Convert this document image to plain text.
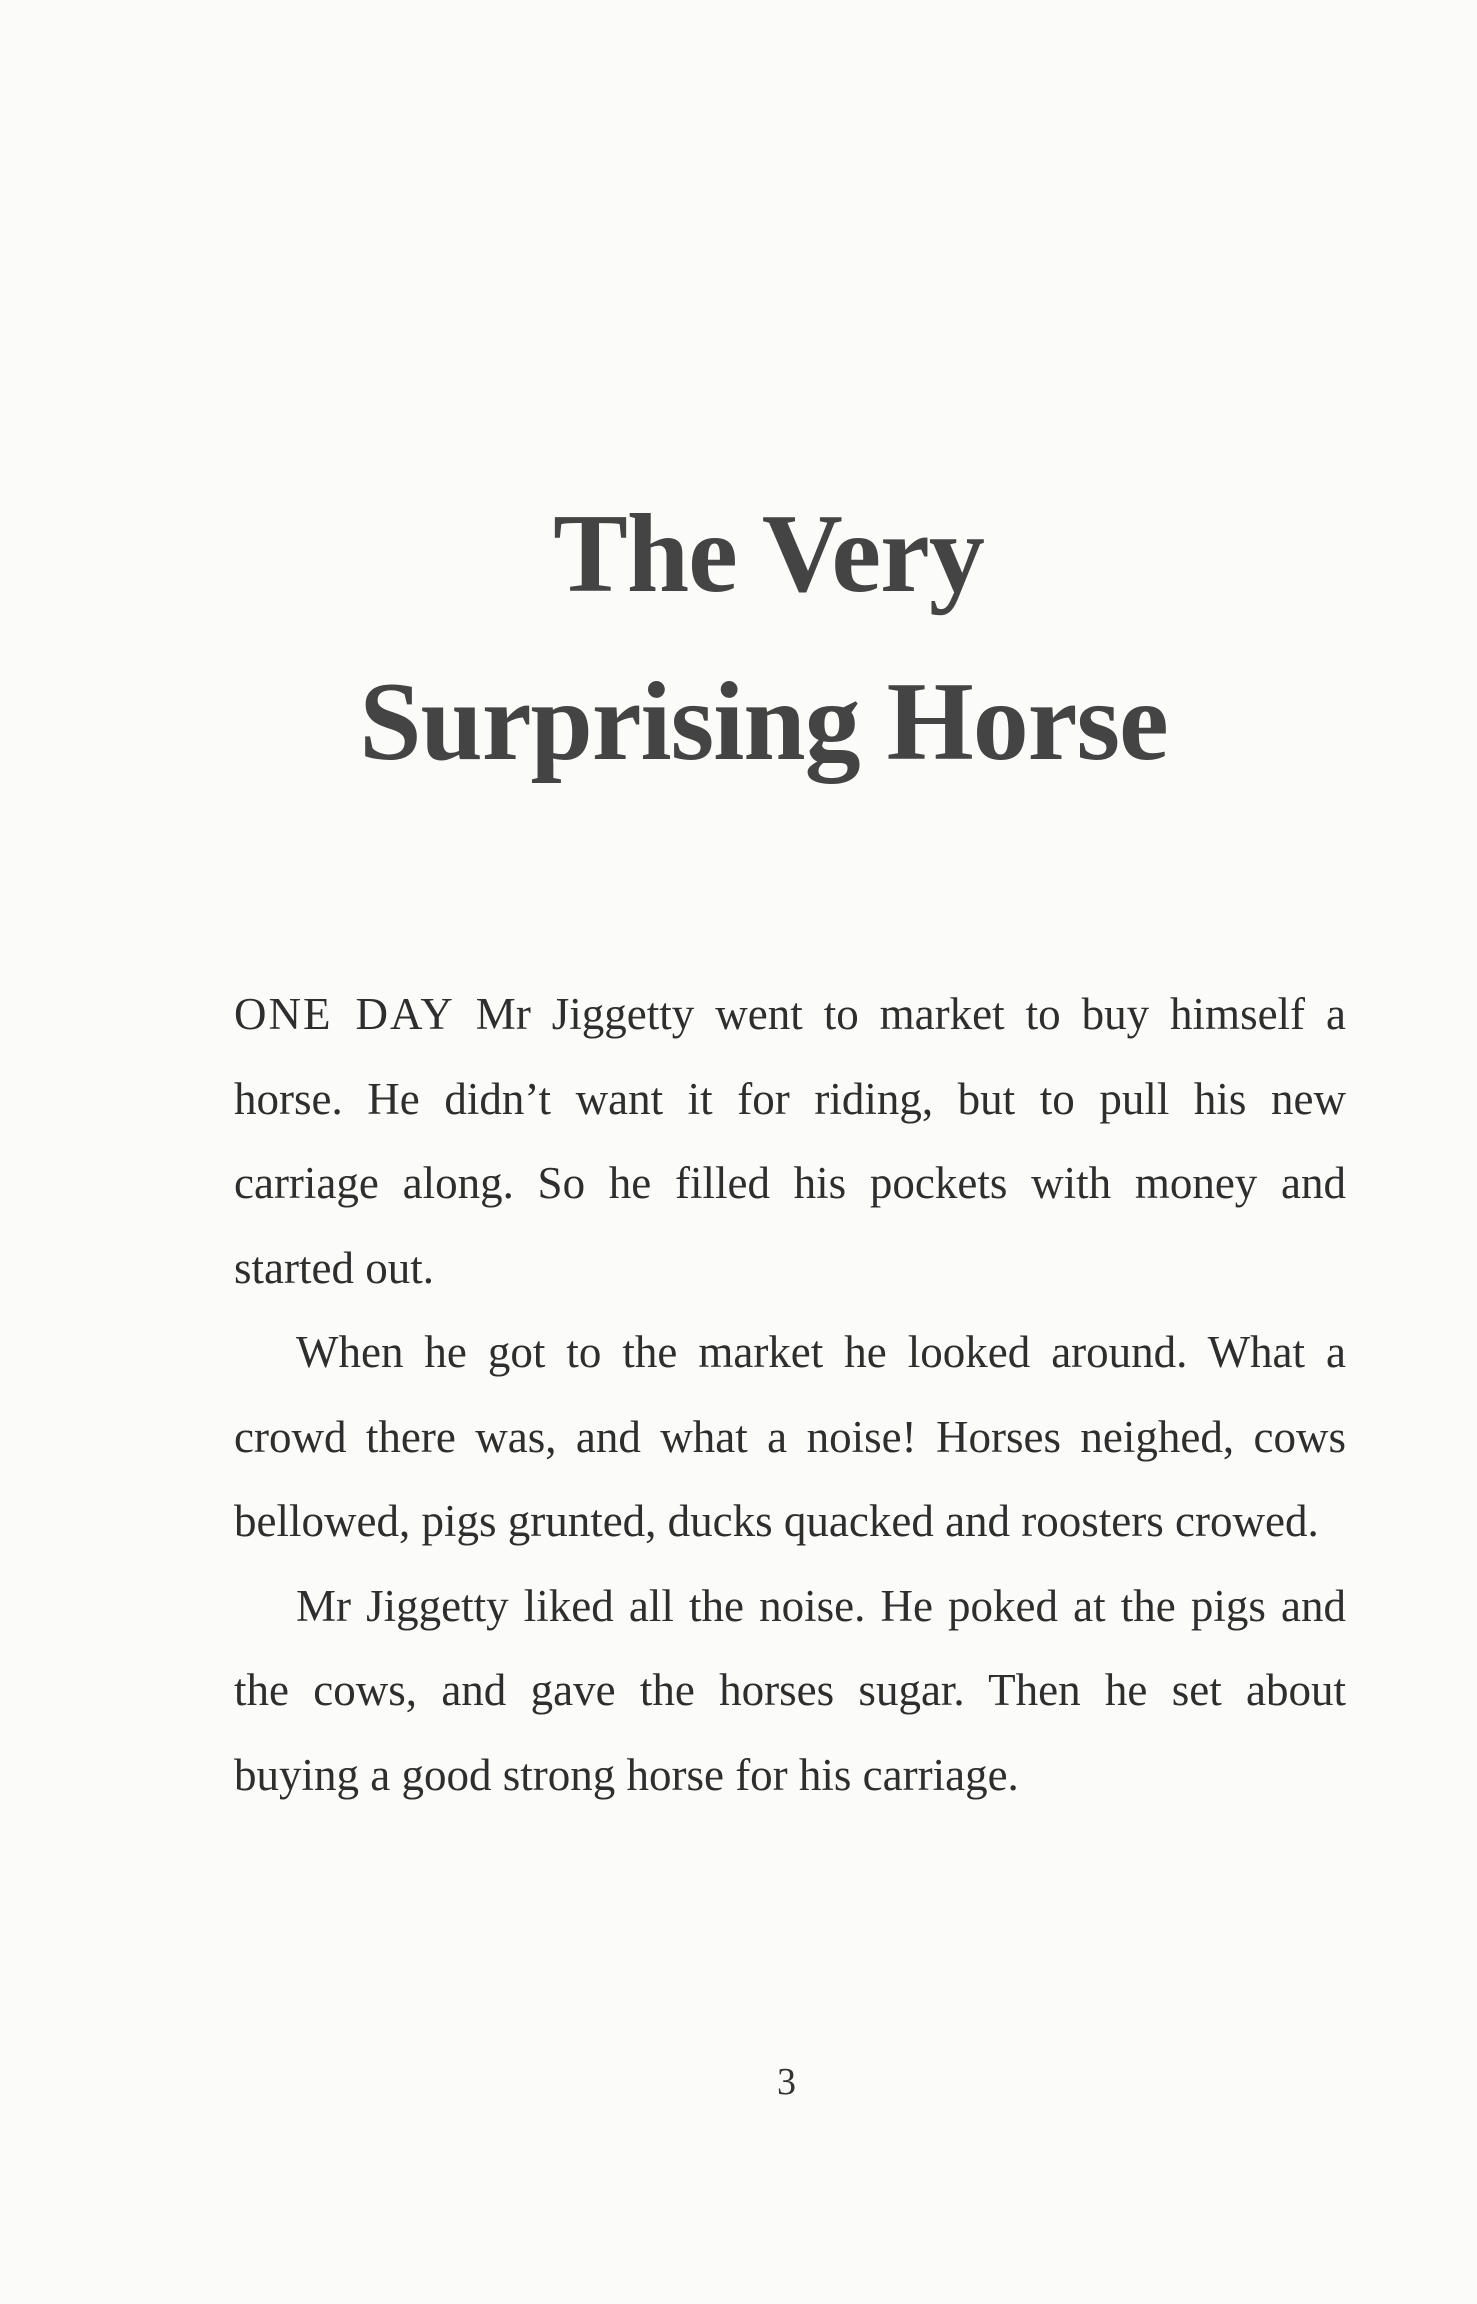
The Very
Surprising Horse

ONE DAY Mr Jiggetty went to market to buy himself a horse. He didn’t want it for riding, but to pull his new carriage along. So he filled his pockets with money and started out.

When he got to the market he looked around. What a crowd there was, and what a noise! Horses neighed, cows bellowed, pigs grunted, ducks quacked and roosters crowed.

Mr Jiggetty liked all the noise. He poked at the pigs and the cows, and gave the horses sugar. Then he set about buying a good strong horse for his carriage.

3
